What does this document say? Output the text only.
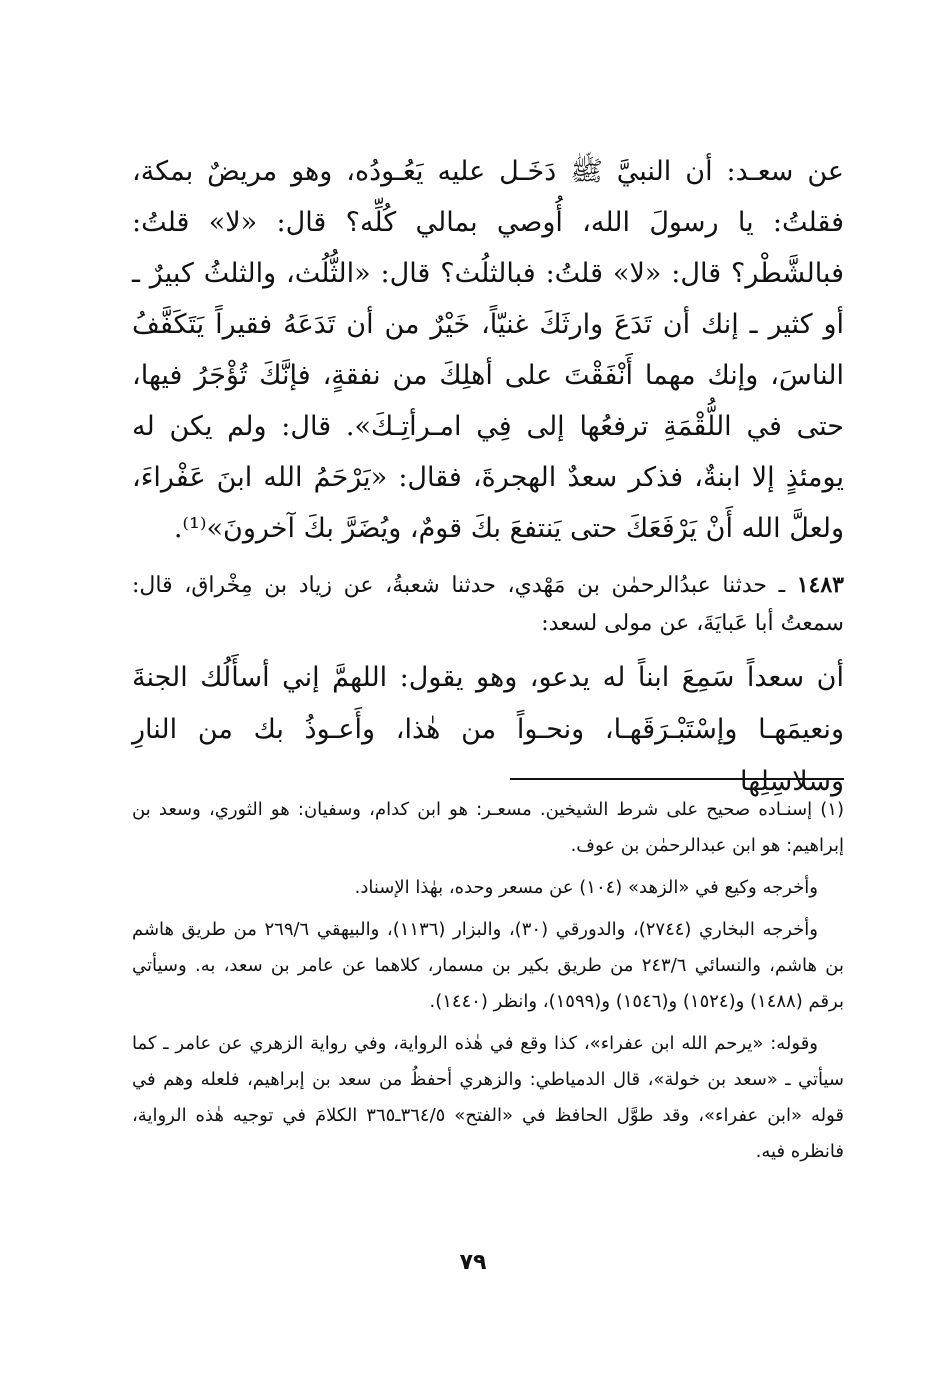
عن سعـد: أن النبيَّ ﷺ دَخَـل عليه يَعُـودُه، وهو مريضٌ بمكة، فقلتُ: يا رسولَ الله، أُوصي بمالي كُلِّه؟ قال: «لا» قلتُ: فبالشَّطْر؟ قال: «لا» قلتُ: فبالثلُث؟ قال: «الثُّلُث، والثلثُ كبيرٌ ـ أو كثير ـ إنك أن تَدَعَ وارثَكَ غنيّاً، خَيْرٌ من أن تَدَعَهُ فقيراً يَتَكَفَّفُ الناسَ، وإنك مهما أَنْفَقْتَ على أهلِكَ من نفقةٍ، فإنَّكَ تُؤْجَرُ فيها، حتى في اللُّقْمَةِ ترفعُها إلى فِي امـرأتِـكَ». قال: ولم يكن له يومئذٍ إلا ابنةٌ، فذكر سعدٌ الهجرةَ، فقال: «يَرْحَمُ الله ابنَ عَفْراءَ، ولعلَّ الله أَنْ يَرْفَعَكَ حتى يَنتفعَ بكَ قومٌ، ويُضَرَّ بكَ آخرونَ»⁽¹⁾.
١٤٨٣ ـ حدثنا عبدُالرحمٰن بن مَهْدي، حدثنا شعبةُ، عن زياد بن مِخْراق، قال: سمعتُ أبا عَبايَةَ، عن مولى لسعد:
أن سعداً سَمِعَ ابناً له يدعو، وهو يقول: اللهمَّ إني أسأَلُك الجنةَ ونعيمَهـا وإسْتَبْـرَقَهـا، ونحـواً من هٰذا، وأَعـوذُ بك من النارِ وسلاسِلِها

(١) إسنـاده صحيح على شرط الشيخين. مسعـر: هو ابن كدام، وسفيان: هو الثوري، وسعد بن إبراهيم: هو ابن عبدالرحمٰن بن عوف.

وأخرجه وكيع في «الزهد» (١٠٤) عن مسعر وحده، بهٰذا الإسناد.

وأخرجه البخاري (٢٧٤٤)، والدورقي (٣٠)، والبزار (١١٣٦)، والبيهقي ٢٦٩/٦ من طريق هاشم بن هاشم، والنسائي ٢٤٣/٦ من طريق بكير بن مسمار، كلاهما عن عامر بن سعد، به. وسيأتي برقم (١٤٨٨) و(١٥٢٤) و(١٥٤٦) و(١٥٩٩)، وانظر (١٤٤٠).

وقوله: «يرحم الله ابن عفراء»، كذا وقع في هٰذه الرواية، وفي رواية الزهري عن عامر ـ كما سيأتي ـ «سعد بن خولة»، قال الدمياطي: والزهري أحفظُ من سعد بن إبراهيم، فلعله وهم في قوله «ابن عفراء»، وقد طوَّل الحافظ في «الفتح» ٣٦٤/٥ـ٣٦٥ الكلامَ في توجيه هٰذه الرواية، فانظره فيه.

٧٩
